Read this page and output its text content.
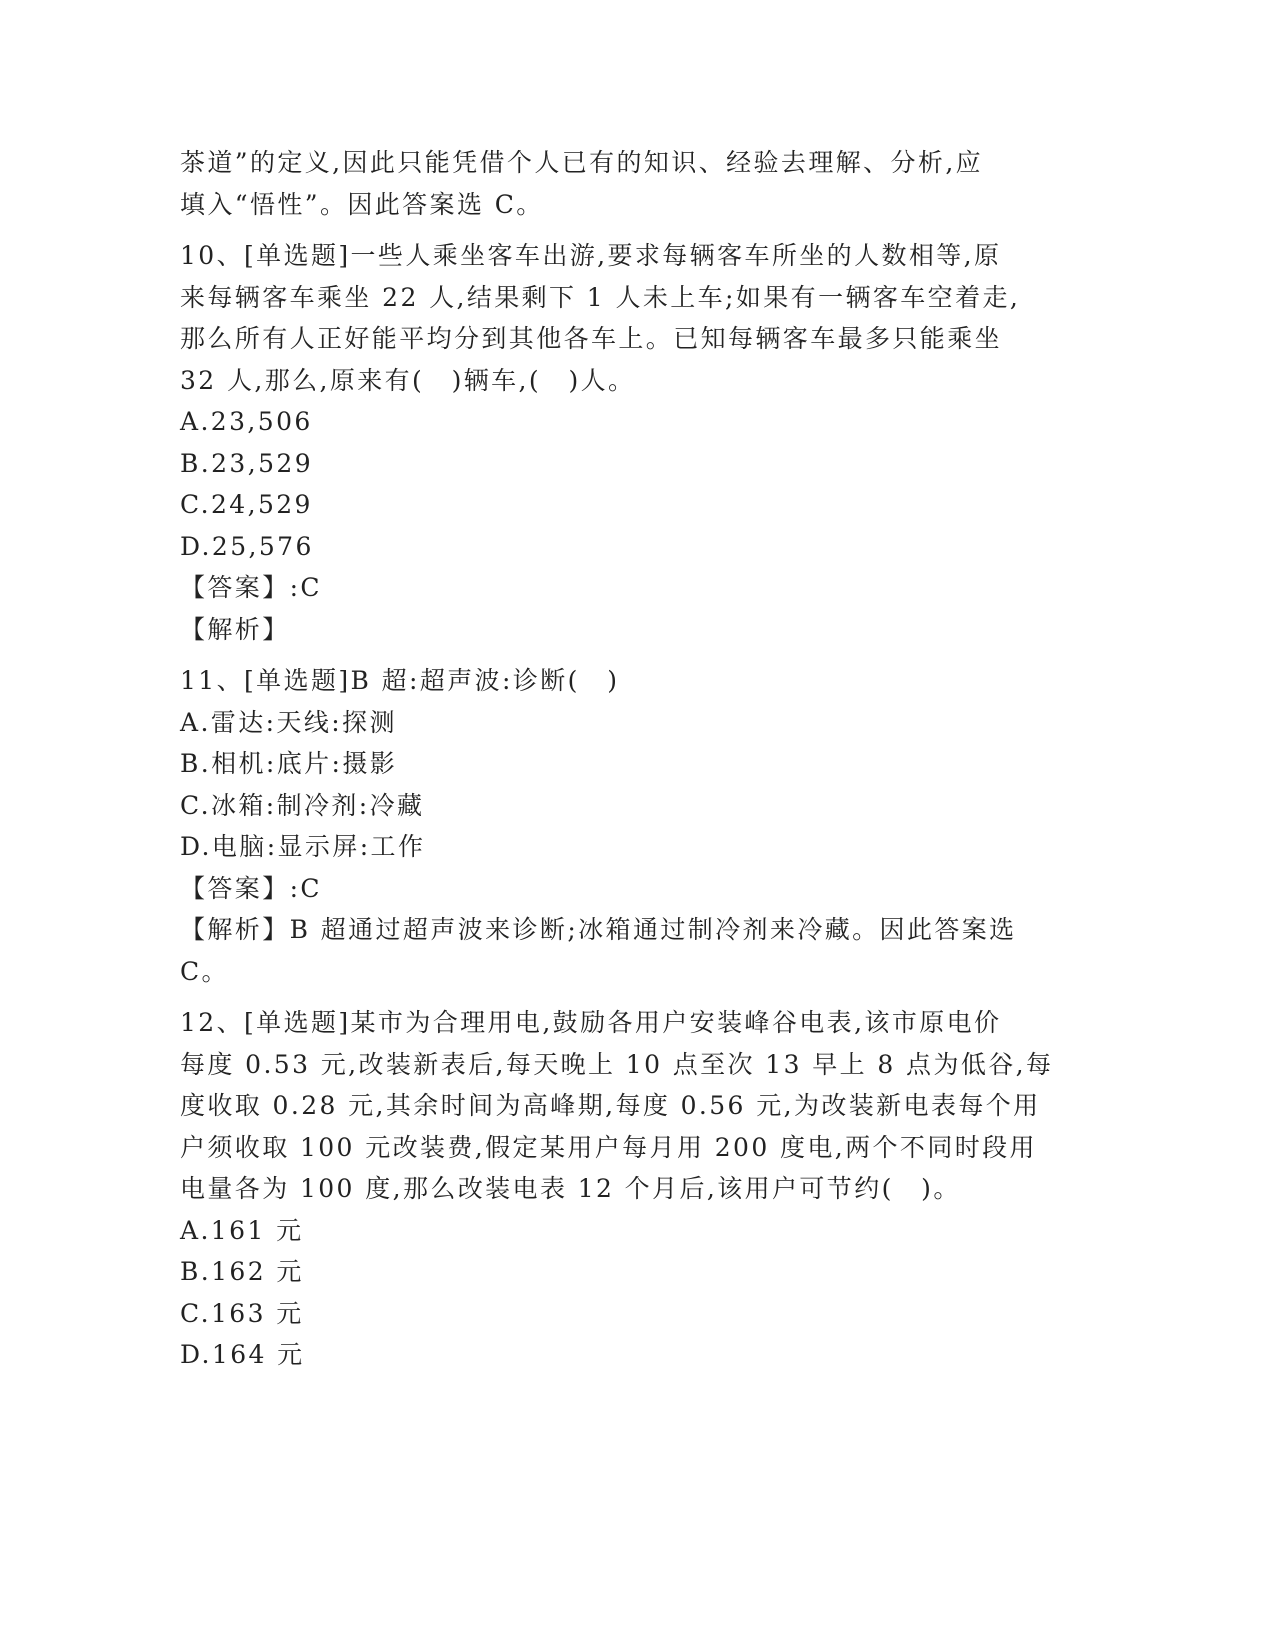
茶道”的定义,因此只能凭借个人已有的知识、经验去理解、分析,应
填入“悟性”。因此答案选 C。
10、[单选题]一些人乘坐客车出游,要求每辆客车所坐的人数相等,原
来每辆客车乘坐 22 人,结果剩下 1 人未上车;如果有一辆客车空着走,
那么所有人正好能平均分到其他各车上。已知每辆客车最多只能乘坐
32 人,那么,原来有(　)辆车,(　)人。
A.23,506
B.23,529
C.24,529
D.25,576
【答案】:C
【解析】
11、[单选题]B 超:超声波:诊断(　)
A.雷达:天线:探测
B.相机:底片:摄影
C.冰箱:制冷剂:冷藏
D.电脑:显示屏:工作
【答案】:C
【解析】B 超通过超声波来诊断;冰箱通过制冷剂来冷藏。因此答案选
C。
12、[单选题]某市为合理用电,鼓励各用户安装峰谷电表,该市原电价
每度 0.53 元,改装新表后,每天晚上 10 点至次 13 早上 8 点为低谷,每
度收取 0.28 元,其余时间为高峰期,每度 0.56 元,为改装新电表每个用
户须收取 100 元改装费,假定某用户每月用 200 度电,两个不同时段用
电量各为 100 度,那么改装电表 12 个月后,该用户可节约(　)。
A.161 元
B.162 元
C.163 元
D.164 元
